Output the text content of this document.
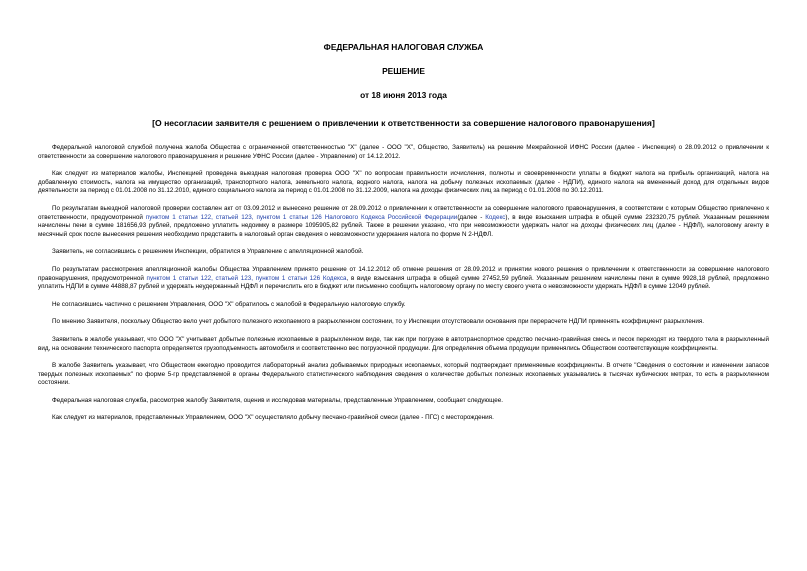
ФЕДЕРАЛЬНАЯ НАЛОГОВАЯ СЛУЖБА

РЕШЕНИЕ

от 18 июня 2013 года

[О несогласии заявителя с решением о привлечении к ответственности за совершение налогового правонарушения]

Федеральной налоговой службой получена жалоба Общества с ограниченной ответственностью "Х" (далее - ООО "Х", Общество, Заявитель) на решение Межрайонной ИФНС России (далее - Инспекция) о 28.09.2012 о привлечении к ответственности за совершение налогового правонарушения и решение УФНС России (далее - Управление) от 14.12.2012.

Как следует из материалов жалобы, Инспекцией проведена выездная налоговая проверка ООО "Х" по вопросам правильности исчисления, полноты и своевременности уплаты в бюджет налога на прибыль организаций, налога на добавленную стоимость, налога на имущество организаций, транспортного налога, земельного налога, водного налога, налога на добычу полезных ископаемых (далее - НДПИ), единого налога на вмененный доход для отдельных видов деятельности за период с 01.01.2008 по 31.12.2010, единого социального налога за период с 01.01.2008 по 31.12.2009, налога на доходы физических лиц за период с 01.01.2008 по 30.12.2011.

По результатам выездной налоговой проверки составлен акт от 03.09.2012 и вынесено решение от 28.09.2012 о привлечении к ответственности за совершение налогового правонарушения, в соответствии с которым Общество привлечено к ответственности, предусмотренной пунктом 1 статьи 122, статьей 123, пунктом 1 статьи 126 Налогового Кодекса Российской Федерации(далее - Кодекс), в виде взыскания штрафа в общей сумме 232320,75 рублей. Указанным решением начислены пени в сумме 181656,93 рублей, предложено уплатить недоимку в размере 1095905,82 рублей. Также в решении указано, что при невозможности удержать налог на доходы физических лиц (далее - НДФЛ), налоговому агенту в месячный срок после вынесения решения необходимо представить в налоговый орган сведения о невозможности удержания налога по форме N 2-НДФЛ.

Заявитель, не согласившись с решением Инспекции, обратился в Управление с апелляционной жалобой.

По результатам рассмотрения апелляционной жалобы Общества Управлением принято решение от 14.12.2012 об отмене решения от 28.09.2012 и принятии нового решения о привлечении к ответственности за совершение налогового правонарушения, предусмотренной пунктом 1 статьи 122, статьей 123, пунктом 1 статьи 126 Кодекса, в виде взыскания штрафа в общей сумме 27452,59 рублей. Указанным решением начислены пени в сумме 9928,18 рублей, предложено уплатить НДПИ в сумме 44888,87 рублей и удержать неудержанный НДФЛ и перечислить его в бюджет или письменно сообщить налоговому органу по месту своего учета о невозможности удержать НДФЛ в сумме 12049 рублей.

Не согласившись частично с решением Управления, ООО "Х" обратилось с жалобой в Федеральную налоговую службу.

По мнению Заявителя, поскольку Общество вело учет добытого полезного ископаемого в разрыхленном состоянии, то у Инспекции отсутствовали основания при перерасчете НДПИ применять коэффициент разрыхления.

Заявитель в жалобе указывает, что ООО "Х" учитывает добытые полезные ископаемые в разрыхленном виде, так как при погрузке в автотранспортное средство песчано-гравийная смесь и песок переходят из твердого тела в разрыхленный вид, на основании технического паспорта определяется грузоподъемность автомобиля и соответственно вес погрузочной продукции. Для определения объема продукции применялись Обществом соответствующие коэффициенты.

В жалобе Заявитель указывает, что Обществом ежегодно проводится лабораторный анализ добываемых природных ископаемых, который подтверждает применяемые коэффициенты. В отчете "Сведения о состоянии и изменении запасов твердых полезных ископаемых" по форме 5-гр представляемой в органы Федерального статистического наблюдения сведения о количестве добытых полезных ископаемых указывались в тысячах кубических метрах, то есть в разрыхленном состоянии.

Федеральная налоговая служба, рассмотрев жалобу Заявителя, оценив и исследовав материалы, представленные Управлением, сообщает следующее.

Как следует из материалов, представленных Управлением, ООО "Х" осуществляло добычу песчано-гравийной смеси (далее - ПГС) с месторождения.
